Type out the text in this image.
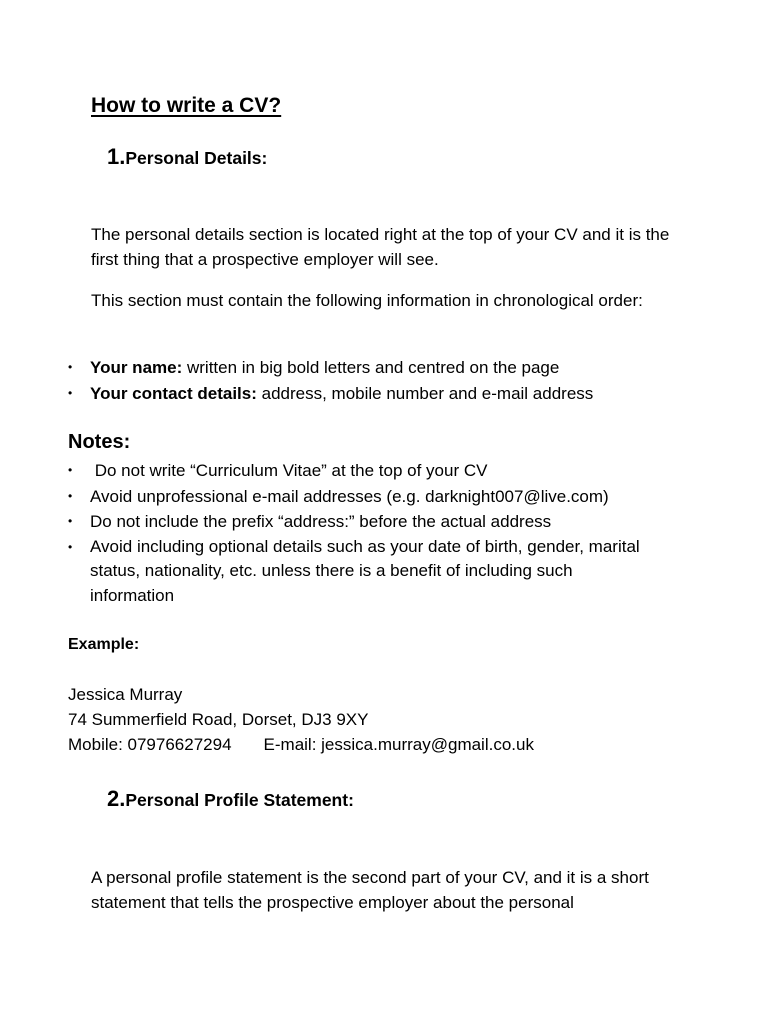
How to write a CV?
1.Personal Details:
The personal details section is located right at the top of your CV and it is the first thing that a prospective employer will see.
This section must contain the following information in chronological order:
• Your name: written in big bold letters and centred on the page
• Your contact details: address, mobile number and e-mail address
Notes:
• Do not write “Curriculum Vitae” at the top of your CV
• Avoid unprofessional e-mail addresses (e.g. darknight007@live.com)
• Do not include the prefix “address:” before the actual address
• Avoid including optional details such as your date of birth, gender, marital status, nationality, etc. unless there is a benefit of including such information
Example:
Jessica Murray
74 Summerfield Road, Dorset, DJ3 9XY
Mobile: 07976627294 E-mail: jessica.murray@gmail.co.uk
2.Personal Profile Statement:
A personal profile statement is the second part of your CV, and it is a short statement that tells the prospective employer about the personal
